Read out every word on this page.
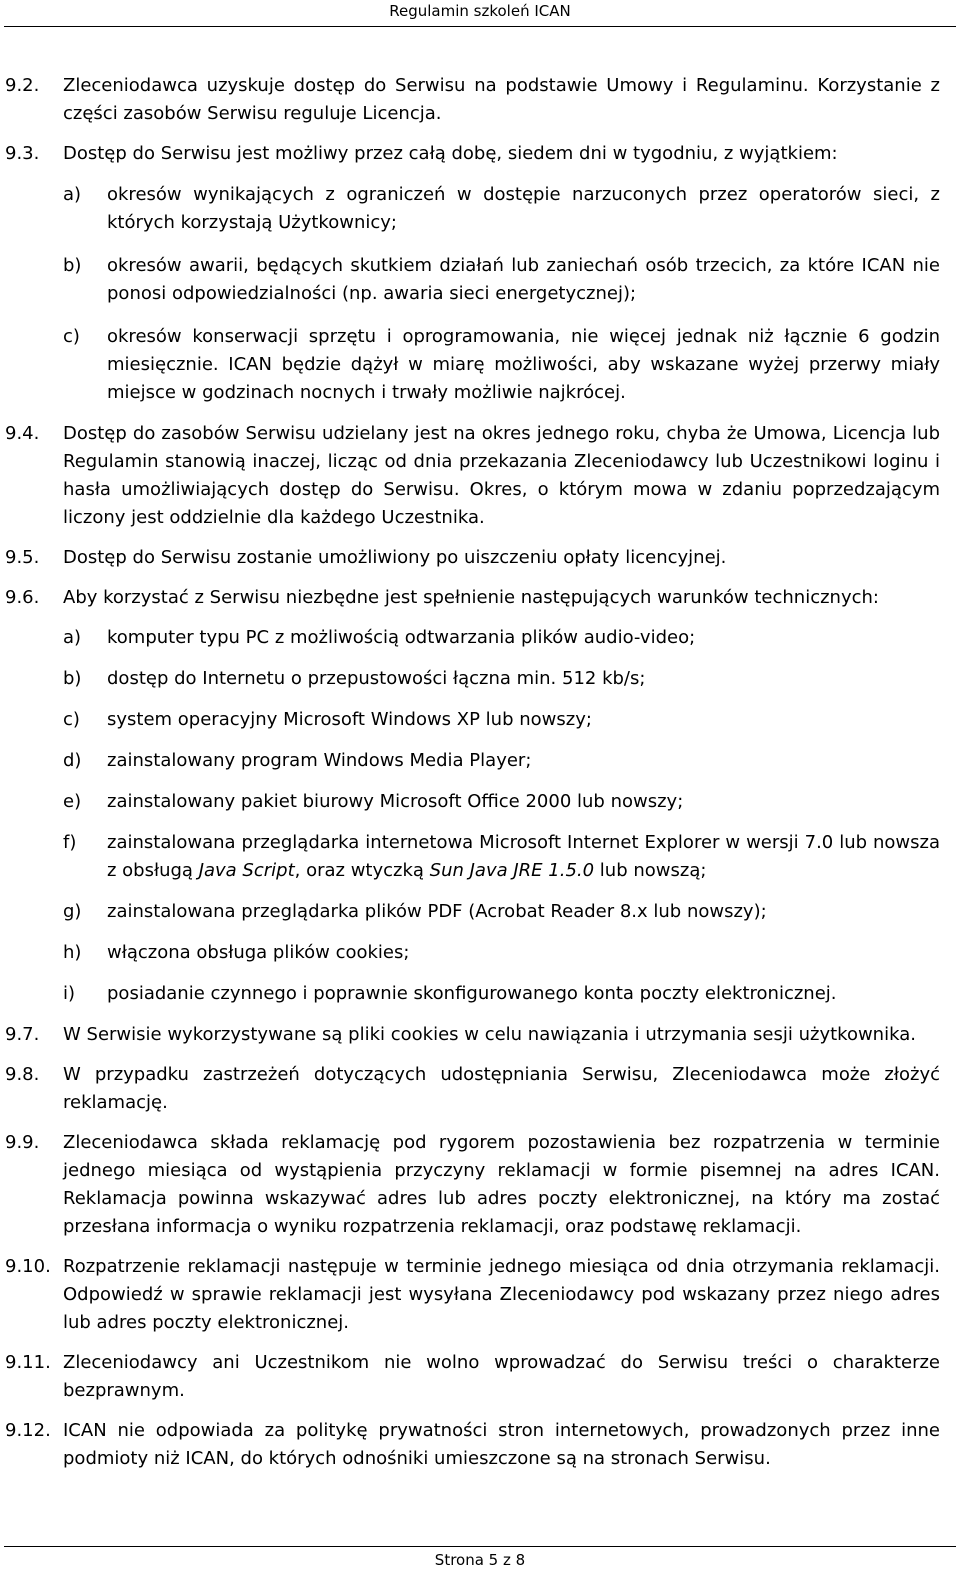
Regulamin szkoleń ICAN
9.2. Zleceniodawca uzyskuje dostęp do Serwisu na podstawie Umowy i Regulaminu. Korzystanie z części zasobów Serwisu reguluje Licencja.
9.3. Dostęp do Serwisu jest możliwy przez całą dobę, siedem dni w tygodniu, z wyjątkiem:
a) okresów wynikających z ograniczeń w dostępie narzuconych przez operatorów sieci, z których korzystają Użytkownicy;
b) okresów awarii, będących skutkiem działań lub zaniechań osób trzecich, za które ICAN nie ponosi odpowiedzialności (np. awaria sieci energetycznej);
c) okresów konserwacji sprzętu i oprogramowania, nie więcej jednak niż łącznie 6 godzin miesięcznie. ICAN będzie dążył w miarę możliwości, aby wskazane wyżej przerwy miały miejsce w godzinach nocnych i trwały możliwie najkrócej.
9.4. Dostęp do zasobów Serwisu udzielany jest na okres jednego roku, chyba że Umowa, Licencja lub Regulamin stanowią inaczej, licząc od dnia przekazania Zleceniodawcy lub Uczestnikowi loginu i hasła umożliwiających dostęp do Serwisu. Okres, o którym mowa w zdaniu poprzedzającym liczony jest oddzielnie dla każdego Uczestnika.
9.5. Dostęp do Serwisu zostanie umożliwiony po uiszczeniu opłaty licencyjnej.
9.6. Aby korzystać z Serwisu niezbędne jest spełnienie następujących warunków technicznych:
a) komputer typu PC z możliwością odtwarzania plików audio-video;
b) dostęp do Internetu o przepustowości łączna min. 512 kb/s;
c) system operacyjny Microsoft Windows XP lub nowszy;
d) zainstalowany program Windows Media Player;
e) zainstalowany pakiet biurowy Microsoft Office 2000 lub nowszy;
f) zainstalowana przeglądarka internetowa Microsoft Internet Explorer w wersji 7.0 lub nowsza z obsługą Java Script, oraz wtyczką Sun Java JRE 1.5.0 lub nowszą;
g) zainstalowana przeglądarka plików PDF (Acrobat Reader 8.x lub nowszy);
h) włączona obsługa plików cookies;
i) posiadanie czynnego i poprawnie skonfigurowanego konta poczty elektronicznej.
9.7. W Serwisie wykorzystywane są pliki cookies w celu nawiązania i utrzymania sesji użytkownika.
9.8. W przypadku zastrzeżeń dotyczących udostępniania Serwisu, Zleceniodawca może złożyć reklamację.
9.9. Zleceniodawca składa reklamację pod rygorem pozostawienia bez rozpatrzenia w terminie jednego miesiąca od wystąpienia przyczyny reklamacji w formie pisemnej na adres ICAN. Reklamacja powinna wskazywać adres lub adres poczty elektronicznej, na który ma zostać przesłana informacja o wyniku rozpatrzenia reklamacji, oraz podstawę reklamacji.
9.10. Rozpatrzenie reklamacji następuje w terminie jednego miesiąca od dnia otrzymania reklamacji. Odpowiedź w sprawie reklamacji jest wysyłana Zleceniodawcy pod wskazany przez niego adres lub adres poczty elektronicznej.
9.11. Zleceniodawcy ani Uczestnikom nie wolno wprowadzać do Serwisu treści o charakterze bezprawnym.
9.12. ICAN nie odpowiada za politykę prywatności stron internetowych, prowadzonych przez inne podmioty niż ICAN, do których odnośniki umieszczone są na stronach Serwisu.
Strona 5 z 8
